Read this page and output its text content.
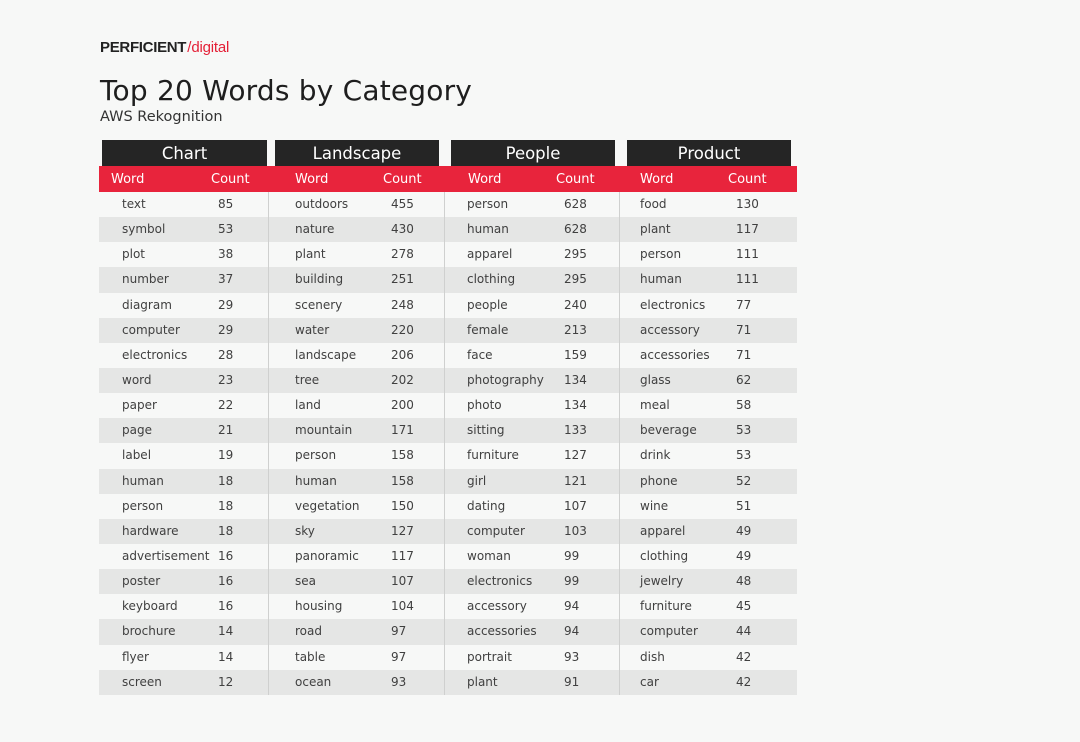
PERFICIENT/digital
Top 20 Words by Category
AWS Rekognition
Chart	Landscape	People	Product
Word	Count	Word	Count	Word	Count	Word	Count
text	85	outdoors	455	person	628	food	130
symbol	53	nature	430	human	628	plant	117
plot	38	plant	278	apparel	295	person	111
number	37	building	251	clothing	295	human	111
diagram	29	scenery	248	people	240	electronics	77
computer	29	water	220	female	213	accessory	71
electronics	28	landscape	206	face	159	accessories 71
word	23	tree	202	photography 134	glass	62
paper	22	land	200	photo	134	meal	58
page	21	mountain	171	sitting	133	beverage	53
label	19	person	158	furniture	127	drink	53
human	18	human	158	girl	121	phone	52
person	18	vegetation	150	dating	107	wine	51
hardware	18	sky	127	computer	103	apparel	49
advertisement 16	panoramic	117	woman	99	clothing	49
poster	16	sea	107	electronics	99	jewelry	48
keyboard	16	housing	104	accessory	94	furniture	45
brochure	14	road	97	accessories 94	computer	44
flyer	14	table	97	portrait	93	dish	42
screen	12	ocean	93	plant	91	car	42
